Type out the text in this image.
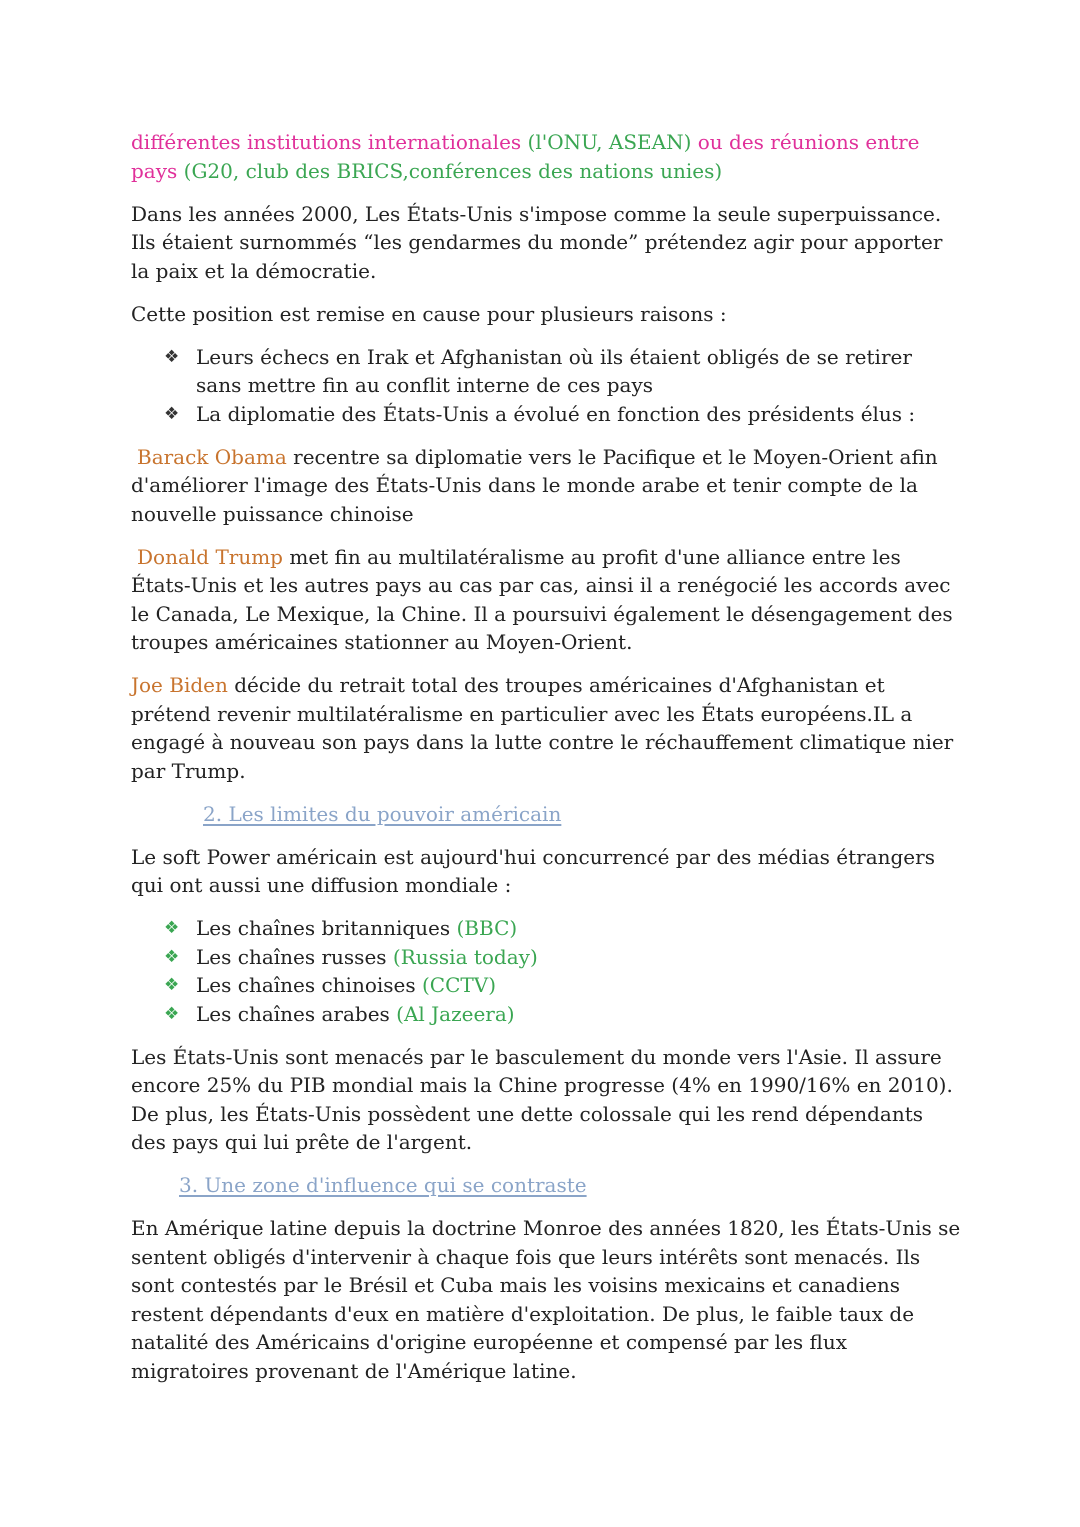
différentes institutions internationales (l'ONU, ASEAN) ou des réunions entre pays (G20, club des BRICS,conférences des nations unies)

Dans les années 2000, Les États-Unis s'impose comme la seule superpuissance. Ils étaient surnommés “les gendarmes du monde” prétendez agir pour apporter la paix et la démocratie.

Cette position est remise en cause pour plusieurs raisons :

❖ Leurs échecs en Irak et Afghanistan où ils étaient obligés de se retirer sans mettre fin au conflit interne de ces pays
❖ La diplomatie des États-Unis a évolué en fonction des présidents élus :

Barack Obama recentre sa diplomatie vers le Pacifique et le Moyen-Orient afin d'améliorer l'image des États-Unis dans le monde arabe et tenir compte de la nouvelle puissance chinoise

Donald Trump met fin au multilatéralisme au profit d'une alliance entre les États-Unis et les autres pays au cas par cas, ainsi il a renégocié les accords avec le Canada, Le Mexique, la Chine. Il a poursuivi également le désengagement des troupes américaines stationner au Moyen-Orient.

Joe Biden décide du retrait total des troupes américaines d'Afghanistan et prétend revenir multilatéralisme en particulier avec les États européens.IL a engagé à nouveau son pays dans la lutte contre le réchauffement climatique nier par Trump.

2. Les limites du pouvoir américain

Le soft Power américain est aujourd'hui concurrencé par des médias étrangers qui ont aussi une diffusion mondiale :

❖ Les chaînes britanniques (BBC)
❖ Les chaînes russes (Russia today)
❖ Les chaînes chinoises (CCTV)
❖ Les chaînes arabes (Al Jazeera)

Les États-Unis sont menacés par le basculement du monde vers l'Asie. Il assure encore 25% du PIB mondial mais la Chine progresse (4% en 1990/16% en 2010). De plus, les États-Unis possèdent une dette colossale qui les rend dépendants des pays qui lui prête de l'argent.

3. Une zone d'influence qui se contraste

En Amérique latine depuis la doctrine Monroe des années 1820, les États-Unis se sentent obligés d'intervenir à chaque fois que leurs intérêts sont menacés. Ils sont contestés par le Brésil et Cuba mais les voisins mexicains et canadiens restent dépendants d'eux en matière d'exploitation. De plus, le faible taux de natalité des Américains d'origine européenne et compensé par les flux migratoires provenant de l'Amérique latine.
